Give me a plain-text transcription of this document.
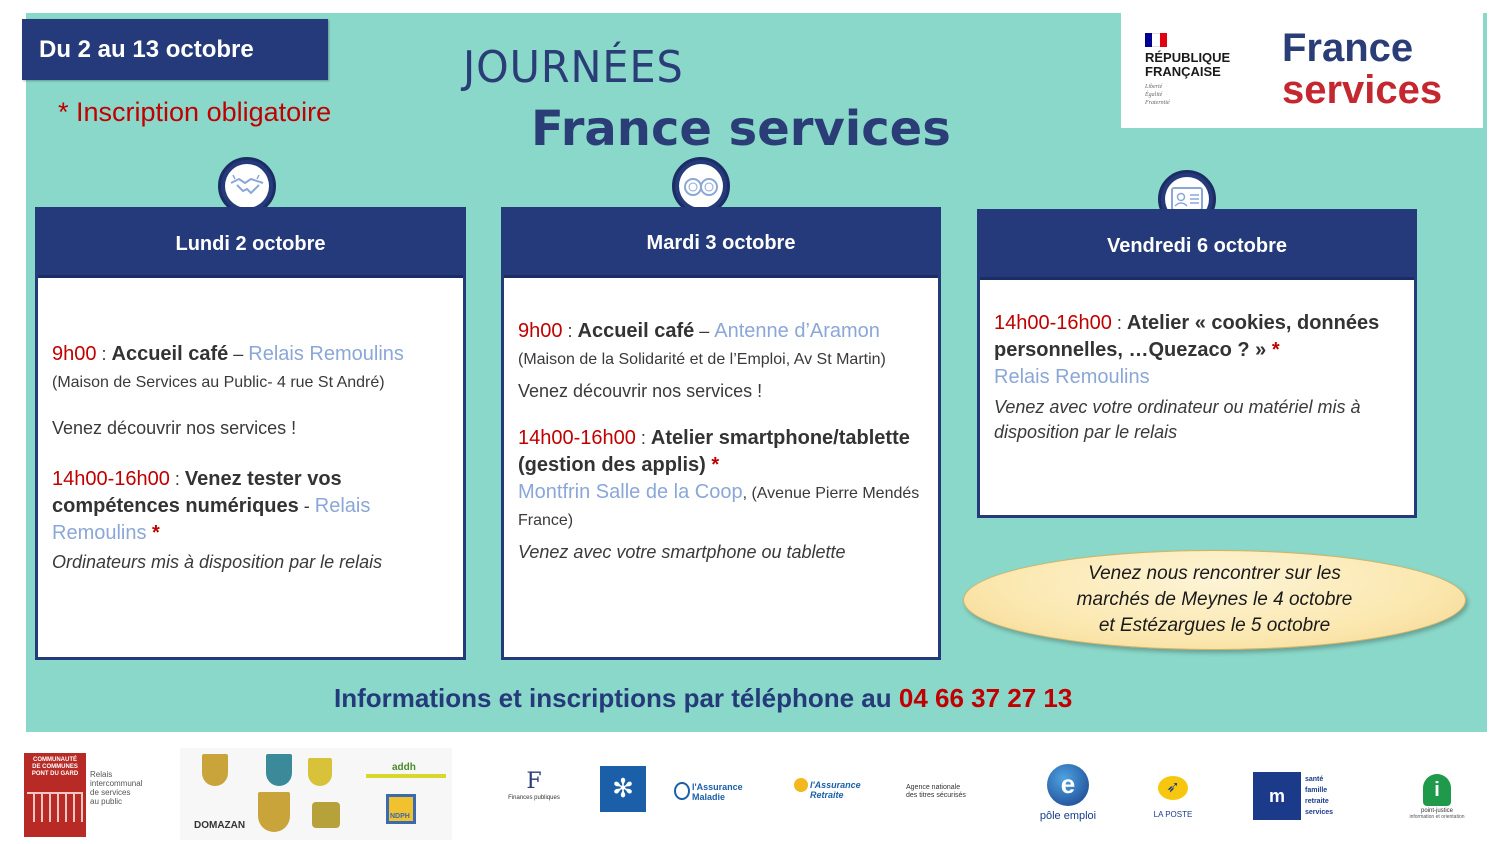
Du 2 au 13 octobre
* Inscription obligatoire
JOURNÉES
France services
RÉPUBLIQUE
FRANÇAISE
Liberté
Égalité
Fraternité
France
services
Lundi 2 octobre

9h00 : Accueil café – Relais Remoulins (Maison de Services au Public- 4 rue St André)

Venez découvrir nos services !

14h00-16h00 : Venez tester vos compétences numériques - Relais Remoulins *

Ordinateurs mis à disposition par le relais

Mardi 3 octobre

9h00 : Accueil café – Antenne d’Aramon (Maison de la Solidarité et de l’Emploi, Av St Martin)

Venez découvrir nos services !

14h00-16h00 : Atelier smartphone/tablette (gestion des applis) *
Montfrin Salle de la Coop, (Avenue Pierre Mendés France)

Venez avec votre smartphone ou tablette

Vendredi 6 octobre

14h00-16h00 : Atelier « cookies, données personnelles, …Quezaco ? » *
Relais Remoulins

Venez avec votre ordinateur ou matériel mis à disposition par le relais

Venez nous rencontrer sur les
marchés de Meynes le 4 octobre
et Estézargues le 5 octobre
Informations et inscriptions par téléphone au 04 66 37 27 13
COMMUNAUTÉ
DE COMMUNES
PONT DU GARD	Relais
intercommunal
de services
au public
DOMAZAN
addh
NDPH
F
Finances publiques	✻	l'Assurance Maladie
l'Assurance Retraite
Agence nationale
des titres sécurisés	e
pôle emploi
➶
LA POSTE
m
santé
famille
retraite
services
i
point-justice
information et orientation
